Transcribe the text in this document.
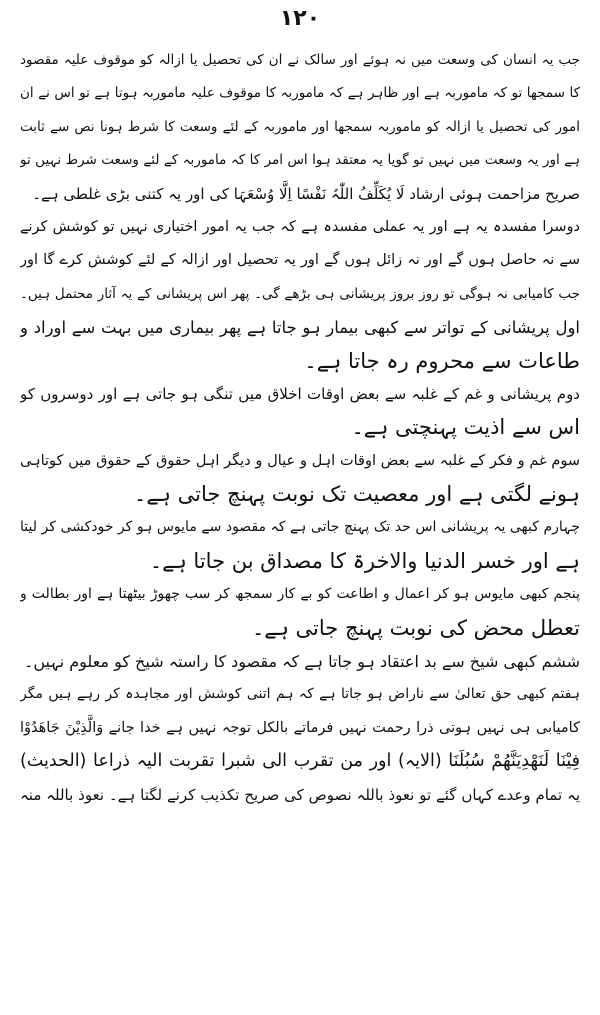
۱۲۰
جب یہ انسان کی وسعت میں نہ ہوئے اور سالک نے ان کی تحصیل یا ازالہ کو موقوف علیہ مقصود
کا سمجھا تو کہ ماموربہ ہے اور ظاہر ہے کہ ماموربہ کا موقوف علیہ ماموربہ ہوتا ہے تو اس نے ان
امور کی تحصیل یا ازالہ کو ماموربہ سمجھا اور ماموربہ کے لئے وسعت کا شرط ہونا نص سے ثابت
ہے اور یہ وسعت میں نہیں تو گویا یہ معتقد ہوا اس امر کا کہ ماموربہ کے لئے وسعت شرط نہیں تو
صریح مزاحمت ہوئی ارشاد لَا یُکَلِّفُ اللّٰہُ نَفْسًا اِلَّا وُسْعَہَا کی اور یہ کتنی بڑی غلطی ہے۔
دوسرا مفسدہ یہ ہے اور یہ عملی مفسدہ ہے کہ جب یہ امور اختیاری نہیں تو کوشش کرنے
سے نہ حاصل ہوں گے اور نہ زائل ہوں گے اور یہ تحصیل اور ازالہ کے لئے کوشش کرے گا اور
جب کامیابی نہ ہوگی تو روز بروز پریشانی ہی بڑھے گی۔ پھر اس پریشانی کے یہ آثار محتمل ہیں۔
اول پریشانی کے تواتر سے کبھی بیمار ہو جاتا ہے پھر بیماری میں بہت سے اوراد و
طاعات سے محروم رہ جاتا ہے۔
دوم پریشانی و غم کے غلبہ سے بعض اوقات اخلاق میں تنگی ہو جاتی ہے اور دوسروں کو
اس سے اذیت پہنچتی ہے۔
سوم غم و فکر کے غلبہ سے بعض اوقات اہل و عیال و دیگر اہل حقوق کے حقوق میں کوتاہی
ہونے لگتی ہے اور معصیت تک نوبت پہنچ جاتی ہے۔
چہارم کبھی یہ پریشانی اس حد تک پہنچ جاتی ہے کہ مقصود سے مایوس ہو کر خودکشی کر لیتا
ہے اور خسر الدنیا والاخرۃ کا مصداق بن جاتا ہے۔
پنجم کبھی مایوس ہو کر اعمال و اطاعت کو بے کار سمجھ کر سب چھوڑ بیٹھتا ہے اور بطالت و
تعطل محض کی نوبت پہنچ جاتی ہے۔
ششم کبھی شیخ سے بد اعتقاد ہو جاتا ہے کہ مقصود کا راستہ شیخ کو معلوم نہیں۔
ہفتم کبھی حق تعالیٰ سے ناراض ہو جاتا ہے کہ ہم اتنی کوشش اور مجاہدہ کر رہے ہیں مگر
کامیابی ہی نہیں ہوتی ذرا رحمت نہیں فرماتے بالکل توجہ نہیں ہے خدا جانے وَالَّذِیْنَ جَاھَدُوْا
فِیْنَا لَنَھْدِیَنَّھُمْ سُبُلَنَا (الایہ) اور من تقرب الی شبرا تقربت الیہ ذراعا (الحدیث)
یہ تمام وعدے کہاں گئے تو نعوذ باللہ نصوص کی صریح تکذیب کرنے لگتا ہے۔ نعوذ باللہ منہ
